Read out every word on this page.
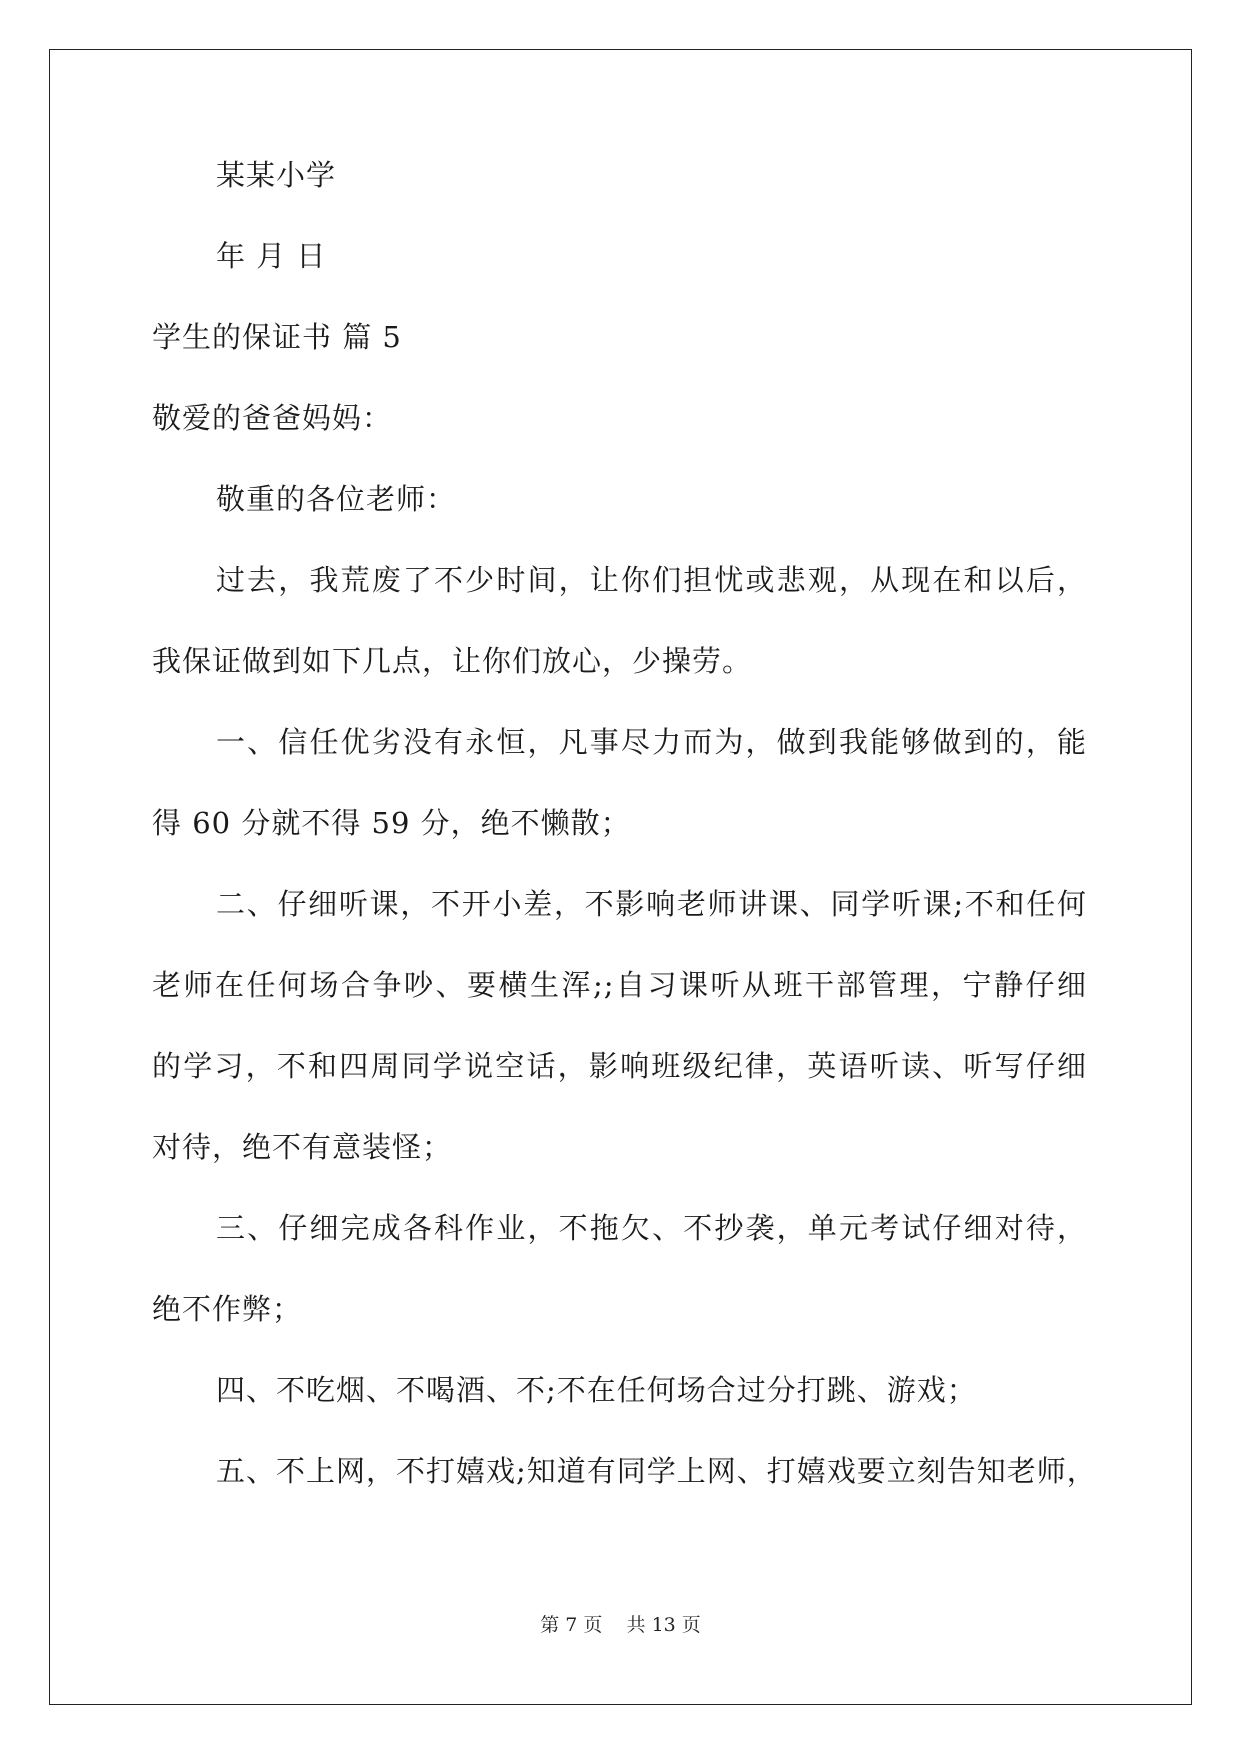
某某小学
年 月 日
学生的保证书 篇 5
敬爱的爸爸妈妈：
敬重的各位老师：
过去，我荒废了不少时间，让你们担忧或悲观，从现在和以后，
我保证做到如下几点，让你们放心，少操劳。
一、信任优劣没有永恒，凡事尽力而为，做到我能够做到的，能
得 60 分就不得 59 分，绝不懒散；
二、仔细听课，不开小差，不影响老师讲课、同学听课;不和任何
老师在任何场合争吵、要横生浑;;自习课听从班干部管理，宁静仔细
的学习，不和四周同学说空话，影响班级纪律，英语听读、听写仔细
对待，绝不有意装怪；
三、仔细完成各科作业，不拖欠、不抄袭，单元考试仔细对待，
绝不作弊；
四、不吃烟、不喝酒、不;不在任何场合过分打跳、游戏；
五、不上网，不打嬉戏;知道有同学上网、打嬉戏要立刻告知老师，
第 7 页 共 13 页
